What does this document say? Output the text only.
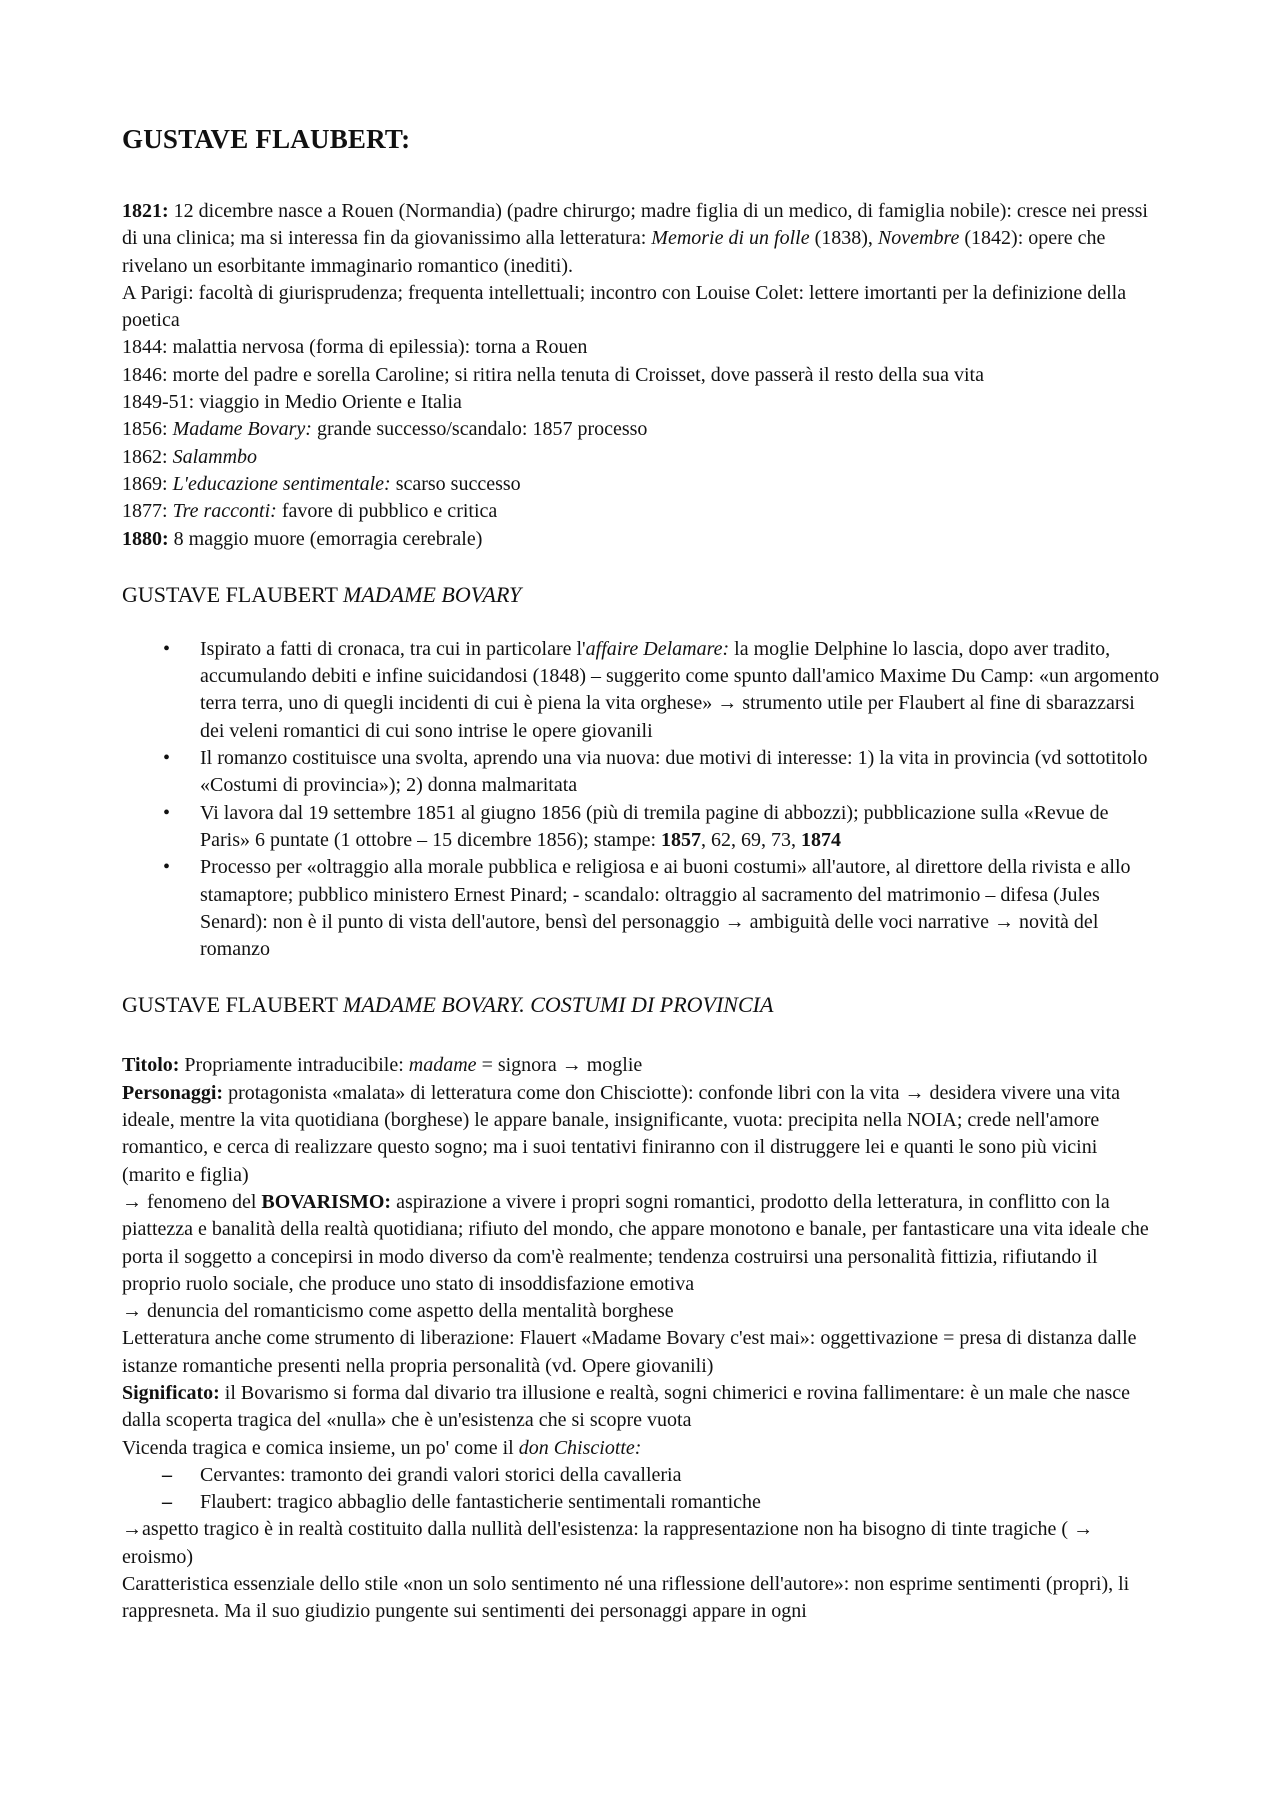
GUSTAVE FLAUBERT:

1821: 12 dicembre nasce a Rouen (Normandia) (padre chirurgo; madre figlia di un medico, di famiglia nobile): cresce nei pressi di una clinica; ma si interessa fin da giovanissimo alla letteratura: Memorie di un folle (1838), Novembre (1842): opere che rivelano un esorbitante immaginario romantico (inediti).

A Parigi: facoltà di giurisprudenza; frequenta intellettuali; incontro con Louise Colet: lettere imortanti per la definizione della poetica

1844: malattia nervosa (forma di epilessia): torna a Rouen

1846: morte del padre e sorella Caroline; si ritira nella tenuta di Croisset, dove passerà il resto della sua vita

1849-51: viaggio in Medio Oriente e Italia

1856: Madame Bovary: grande successo/scandalo: 1857 processo

1862: Salammbo

1869: L'educazione sentimentale: scarso successo

1877: Tre racconti: favore di pubblico e critica

1880: 8 maggio muore (emorragia cerebrale)

GUSTAVE FLAUBERT MADAME BOVARY
• Ispirato a fatti di cronaca, tra cui in particolare l'affaire Delamare: la moglie Delphine lo lascia, dopo aver tradito, accumulando debiti e infine suicidandosi (1848) – suggerito come spunto dall'amico Maxime Du Camp: «un argomento terra terra, uno di quegli incidenti di cui è piena la vita orghese» → strumento utile per Flaubert al fine di sbarazzarsi dei veleni romantici di cui sono intrise le opere giovanili
• Il romanzo costituisce una svolta, aprendo una via nuova: due motivi di interesse: 1) la vita in provincia (vd sottotitolo «Costumi di provincia»); 2) donna malmaritata
• Vi lavora dal 19 settembre 1851 al giugno 1856 (più di tremila pagine di abbozzi); pubblicazione sulla «Revue de Paris» 6 puntate (1 ottobre – 15 dicembre 1856); stampe: 1857, 62, 69, 73, 1874
• Processo per «oltraggio alla morale pubblica e religiosa e ai buoni costumi» all'autore, al direttore della rivista e allo stamaptore; pubblico ministero Ernest Pinard; - scandalo: oltraggio al sacramento del matrimonio – difesa (Jules Senard): non è il punto di vista dell'autore, bensì del personaggio → ambiguità delle voci narrative → novità del romanzo
GUSTAVE FLAUBERT MADAME BOVARY. COSTUMI DI PROVINCIA

Titolo: Propriamente intraducibile: madame = signora → moglie

Personaggi: protagonista «malata» di letteratura come don Chisciotte): confonde libri con la vita → desidera vivere una vita ideale, mentre la vita quotidiana (borghese) le appare banale, insignificante, vuota: precipita nella NOIA; crede nell'amore romantico, e cerca di realizzare questo sogno; ma i suoi tentativi finiranno con il distruggere lei e quanti le sono più vicini (marito e figlia)

→ fenomeno del BOVARISMO: aspirazione a vivere i propri sogni romantici, prodotto della letteratura, in conflitto con la piattezza e banalità della realtà quotidiana; rifiuto del mondo, che appare monotono e banale, per fantasticare una vita ideale che porta il soggetto a concepirsi in modo diverso da com'è realmente; tendenza costruirsi una personalità fittizia, rifiutando il proprio ruolo sociale, che produce uno stato di insoddisfazione emotiva

→ denuncia del romanticismo come aspetto della mentalità borghese

Letteratura anche come strumento di liberazione: Flauert «Madame Bovary c'est mai»: oggettivazione = presa di distanza dalle istanze romantiche presenti nella propria personalità (vd. Opere giovanili)

Significato: il Bovarismo si forma dal divario tra illusione e realtà, sogni chimerici e rovina fallimentare: è un male che nasce dalla scoperta tragica del «nulla» che è un'esistenza che si scopre vuota

Vicenda tragica e comica insieme, un po' come il don Chisciotte:

– Cervantes: tramonto dei grandi valori storici della cavalleria
– Flaubert: tragico abbaglio delle fantasticherie sentimentali romantiche

→aspetto tragico è in realtà costituito dalla nullità dell'esistenza: la rappresentazione non ha bisogno di tinte tragiche ( → eroismo)

Caratteristica essenziale dello stile «non un solo sentimento né una riflessione dell'autore»: non esprime sentimenti (propri), li rappresneta. Ma il suo giudizio pungente sui sentimenti dei personaggi appare in ogni
